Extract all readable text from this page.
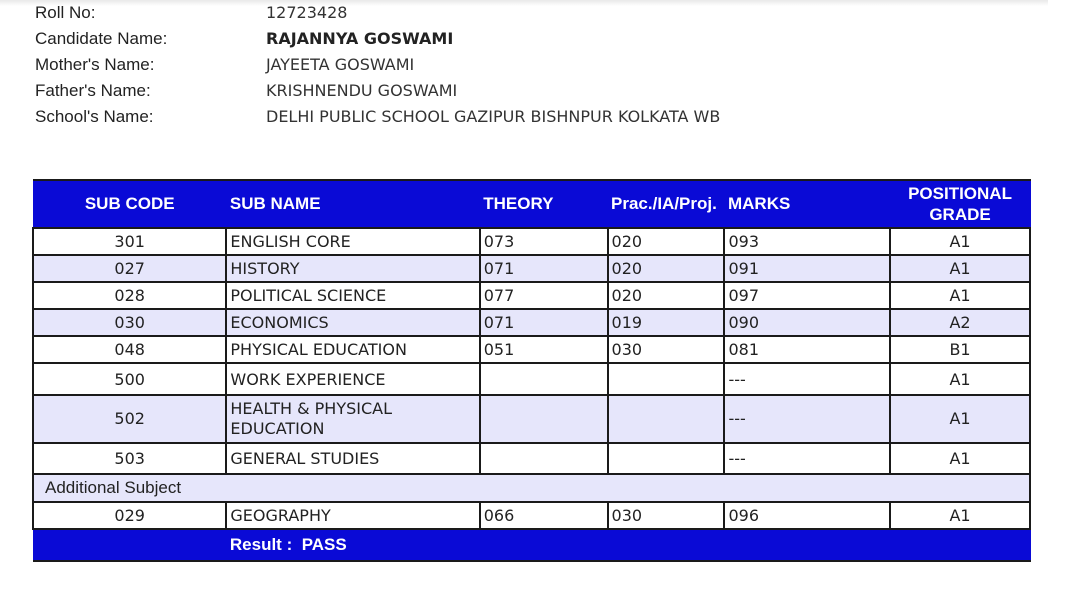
Roll No:	12723428
Candidate Name:	RAJANNYA GOSWAMI
Mother's Name:	JAYEETA GOSWAMI
Father's Name:	KRISHNENDU GOSWAMI
School's Name:	DELHI PUBLIC SCHOOL GAZIPUR BISHNPUR KOLKATA WB
SUB CODE	SUB NAME	THEORY	Prac./IA/Proj.	MARKS	POSITIONAL
GRADE
301	ENGLISH CORE	073	020	093	A1
027	HISTORY	071	020	091	A1
028	POLITICAL SCIENCE	077	020	097	A1
030	ECONOMICS	071	019	090	A2
048	PHYSICAL EDUCATION	051	030	081	B1
500	WORK EXPERIENCE			---	A1
502	HEALTH & PHYSICAL EDUCATION			---	A1
503	GENERAL STUDIES			---	A1
Additional Subject					
029	GEOGRAPHY	066	030	096	A1
	Result : PASS				
